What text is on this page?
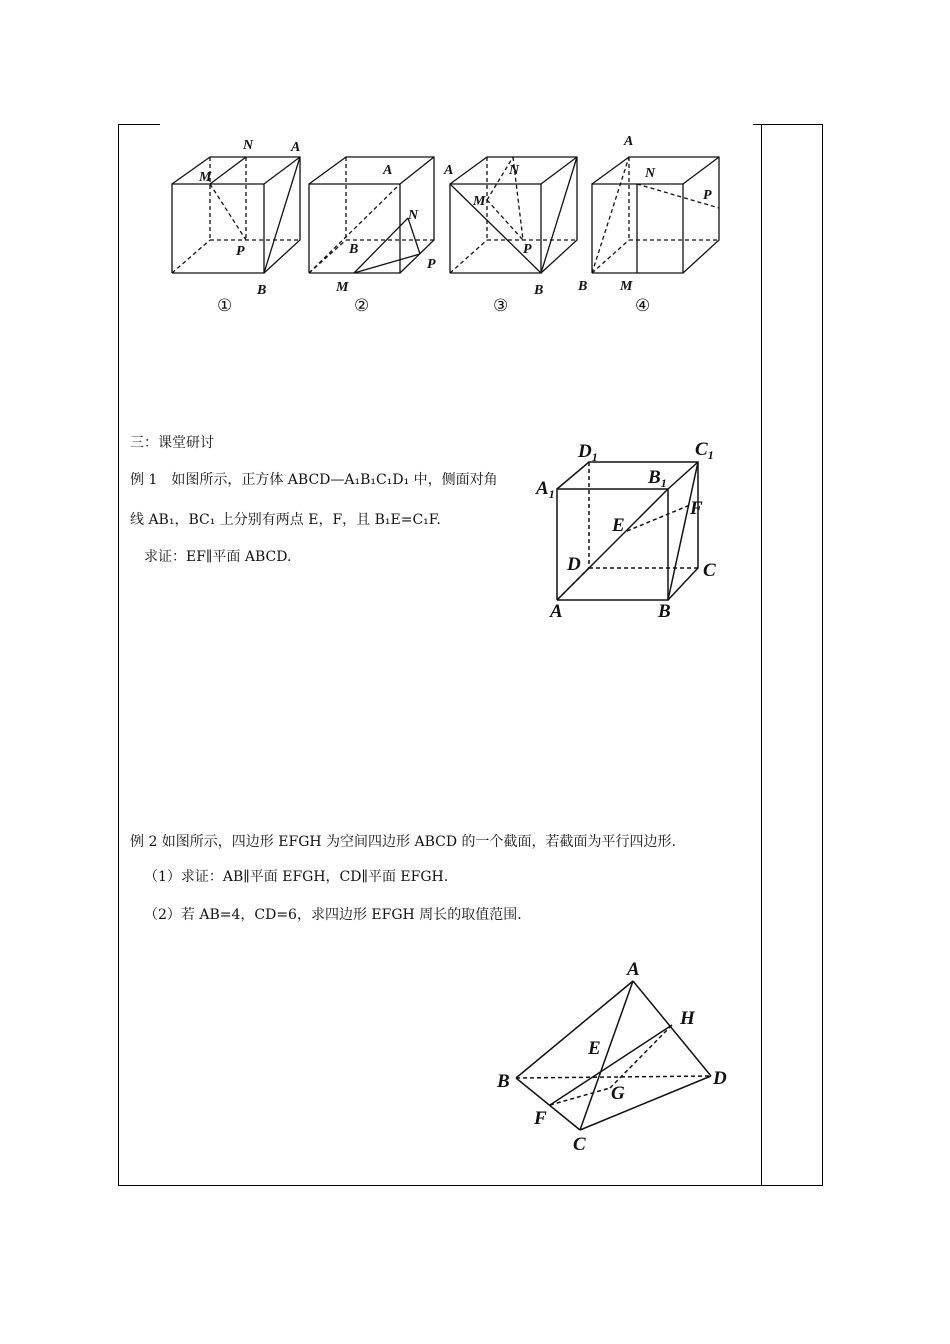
N	A
M
P
B
A
N
B
P
M
A	N
M
P
B
A
N
P
B M
①	②	③	④
三：课堂研讨
例 1　如图所示，正方体 ABCD—A₁B₁C₁D₁ 中，侧面对角
线 AB₁，BC₁ 上分别有两点 E，F，且 B₁E=C₁F.
求证：EF∥平面 ABCD.
$D_1$	$C_1$
$A_1$
$B_1$
E
F
D	C
A	B
例 2 如图所示，四边形 EFGH 为空间四边形 ABCD 的一个截面，若截面为平行四边形.
（1）求证：AB∥平面 EFGH，CD∥平面 EFGH.
（2）若 AB=4，CD=6，求四边形 EFGH 周长的取值范围.
A
H
E
B	D
G
F
C
